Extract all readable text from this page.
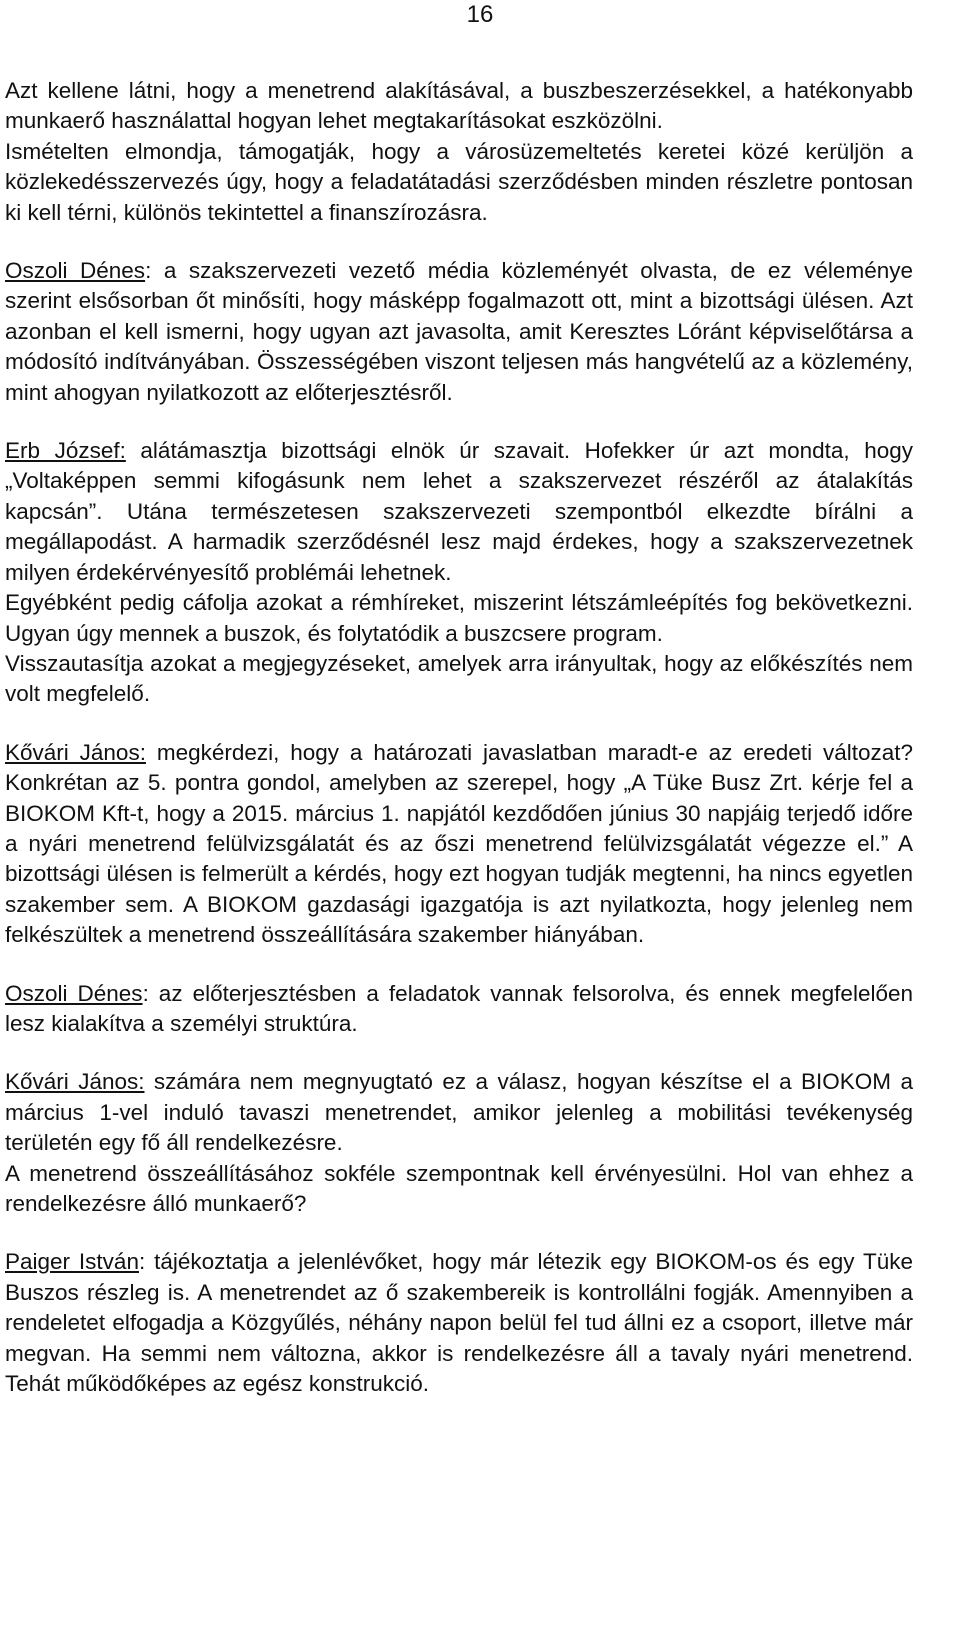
16

Azt kellene látni, hogy a menetrend alakításával, a buszbeszerzésekkel, a hatékonyabb munkaerő használattal hogyan lehet megtakarításokat eszközölni.

Ismételten elmondja, támogatják, hogy a városüzemeltetés keretei közé kerüljön a közlekedésszervezés úgy, hogy a feladatátadási szerződésben minden részletre pontosan ki kell térni, különös tekintettel a finanszírozásra.

Oszoli Dénes: a szakszervezeti vezető média közleményét olvasta, de ez véleménye szerint elsősorban őt minősíti, hogy másképp fogalmazott ott, mint a bizottsági ülésen. Azt azonban el kell ismerni, hogy ugyan azt javasolta, amit Keresztes Lóránt képviselőtársa a módosító indítványában. Összességében viszont teljesen más hangvételű az a közlemény, mint ahogyan nyilatkozott az előterjesztésről.

Erb József: alátámasztja bizottsági elnök úr szavait. Hofekker úr azt mondta, hogy „Voltaképpen semmi kifogásunk nem lehet a szakszervezet részéről az átalakítás kapcsán”. Utána természetesen szakszervezeti szempontból elkezdte bírálni a megállapodást. A harmadik szerződésnél lesz majd érdekes, hogy a szakszervezetnek milyen érdekérvényesítő problémái lehetnek.

Egyébként pedig cáfolja azokat a rémhíreket, miszerint létszámleépítés fog bekövetkezni. Ugyan úgy mennek a buszok, és folytatódik a buszcsere program.

Visszautasítja azokat a megjegyzéseket, amelyek arra irányultak, hogy az előkészítés nem volt megfelelő.

Kővári János: megkérdezi, hogy a határozati javaslatban maradt-e az eredeti változat? Konkrétan az 5. pontra gondol, amelyben az szerepel, hogy „A Tüke Busz Zrt. kérje fel a BIOKOM Kft-t, hogy a 2015. március 1. napjától kezdődően június 30 napjáig terjedő időre a nyári menetrend felülvizsgálatát és az őszi menetrend felülvizsgálatát végezze el.” A bizottsági ülésen is felmerült a kérdés, hogy ezt hogyan tudják megtenni, ha nincs egyetlen szakember sem. A BIOKOM gazdasági igazgatója is azt nyilatkozta, hogy jelenleg nem felkészültek a menetrend összeállítására szakember hiányában.

Oszoli Dénes: az előterjesztésben a feladatok vannak felsorolva, és ennek megfelelően lesz kialakítva a személyi struktúra.

Kővári János: számára nem megnyugtató ez a válasz, hogyan készítse el a BIOKOM a március 1-vel induló tavaszi menetrendet, amikor jelenleg a mobilitási tevékenység területén egy fő áll rendelkezésre.

A menetrend összeállításához sokféle szempontnak kell érvényesülni. Hol van ehhez a rendelkezésre álló munkaerő?

Paiger István: tájékoztatja a jelenlévőket, hogy már létezik egy BIOKOM-os és egy Tüke Buszos részleg is. A menetrendet az ő szakembereik is kontrollálni fogják. Amennyiben a rendeletet elfogadja a Közgyűlés, néhány napon belül fel tud állni ez a csoport, illetve már megvan. Ha semmi nem változna, akkor is rendelkezésre áll a tavaly nyári menetrend. Tehát működőképes az egész konstrukció.
